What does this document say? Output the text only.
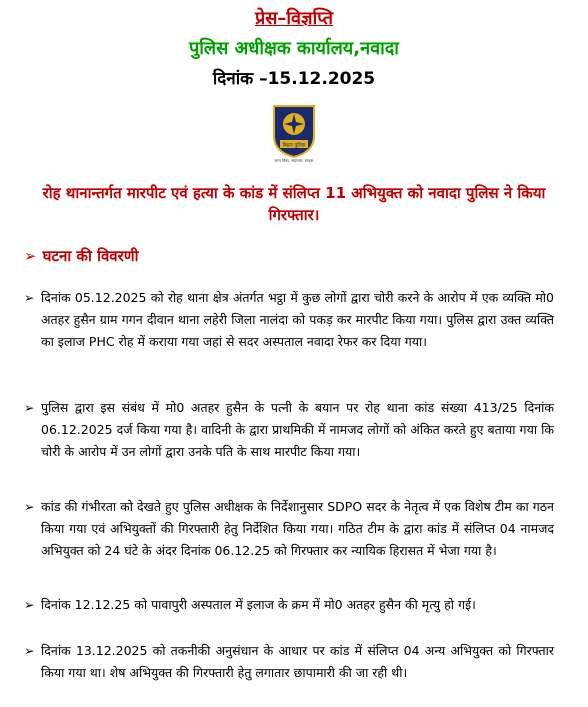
प्रेस–विज्ञप्ति
पुलिस अधीक्षक कार्यालय,नवादा
दिनांक –15.12.2025
बिहार पुलिस
सत्य निष्ठा, सदाचार, साहस
रोह थानान्तर्गत मारपीट एवं हत्या के कांड में संलिप्त 11 अभियुक्त को नवादा पुलिस ने किया गिरफ्तार।
➢ घटना की विवरणी
➢ दिनांक 05.12.2025 को रोह थाना क्षेत्र अंतर्गत भट्ठा में कुछ लोगों द्वारा चोरी करने के आरोप में एक व्यक्ति मो0 अतहर हुसैन ग्राम गगन दीवान थाना लहेरी जिला नालंदा को पकड़ कर मारपीट किया गया। पुलिस द्वारा उक्त व्यक्ति का इलाज PHC रोह में कराया गया जहां से सदर अस्पताल नवादा रेफर कर दिया गया।
➢ पुलिस द्वारा इस संबंध में मो0 अतहर हुसैन के पत्नी के बयान पर रोह थाना कांड संख्या 413/25 दिनांक 06.12.2025 दर्ज किया गया है। वादिनी के द्वारा प्राथमिकी में नामजद लोगों को अंकित करते हुए बताया गया कि चोरी के आरोप में उन लोगों द्वारा उनके पति के साथ मारपीट किया गया।
➢ कांड की गंभीरता को देखते हुए पुलिस अधीक्षक के निर्देशानुसार SDPO सदर के नेतृत्व में एक विशेष टीम का गठन किया गया एवं अभियुक्तों की गिरफ्तारी हेतु निर्देशित किया गया। गठित टीम के द्वारा कांड में संलिप्त 04 नामजद अभियुक्त को 24 घंटे के अंदर दिनांक 06.12.25 को गिरफ्तार कर न्यायिक हिरासत में भेजा गया है।
➢ दिनांक 12.12.25 को पावापुरी अस्पताल में इलाज के क्रम में मो0 अतहर हुसैन की मृत्यु हो गई।
➢ दिनांक 13.12.2025 को तकनीकी अनुसंधान के आधार पर कांड में संलिप्त 04 अन्य अभियुक्त को गिरफ्तार किया गया था। शेष अभियुक्त की गिरफ्तारी हेतु लगातार छापामारी की जा रही थी।
